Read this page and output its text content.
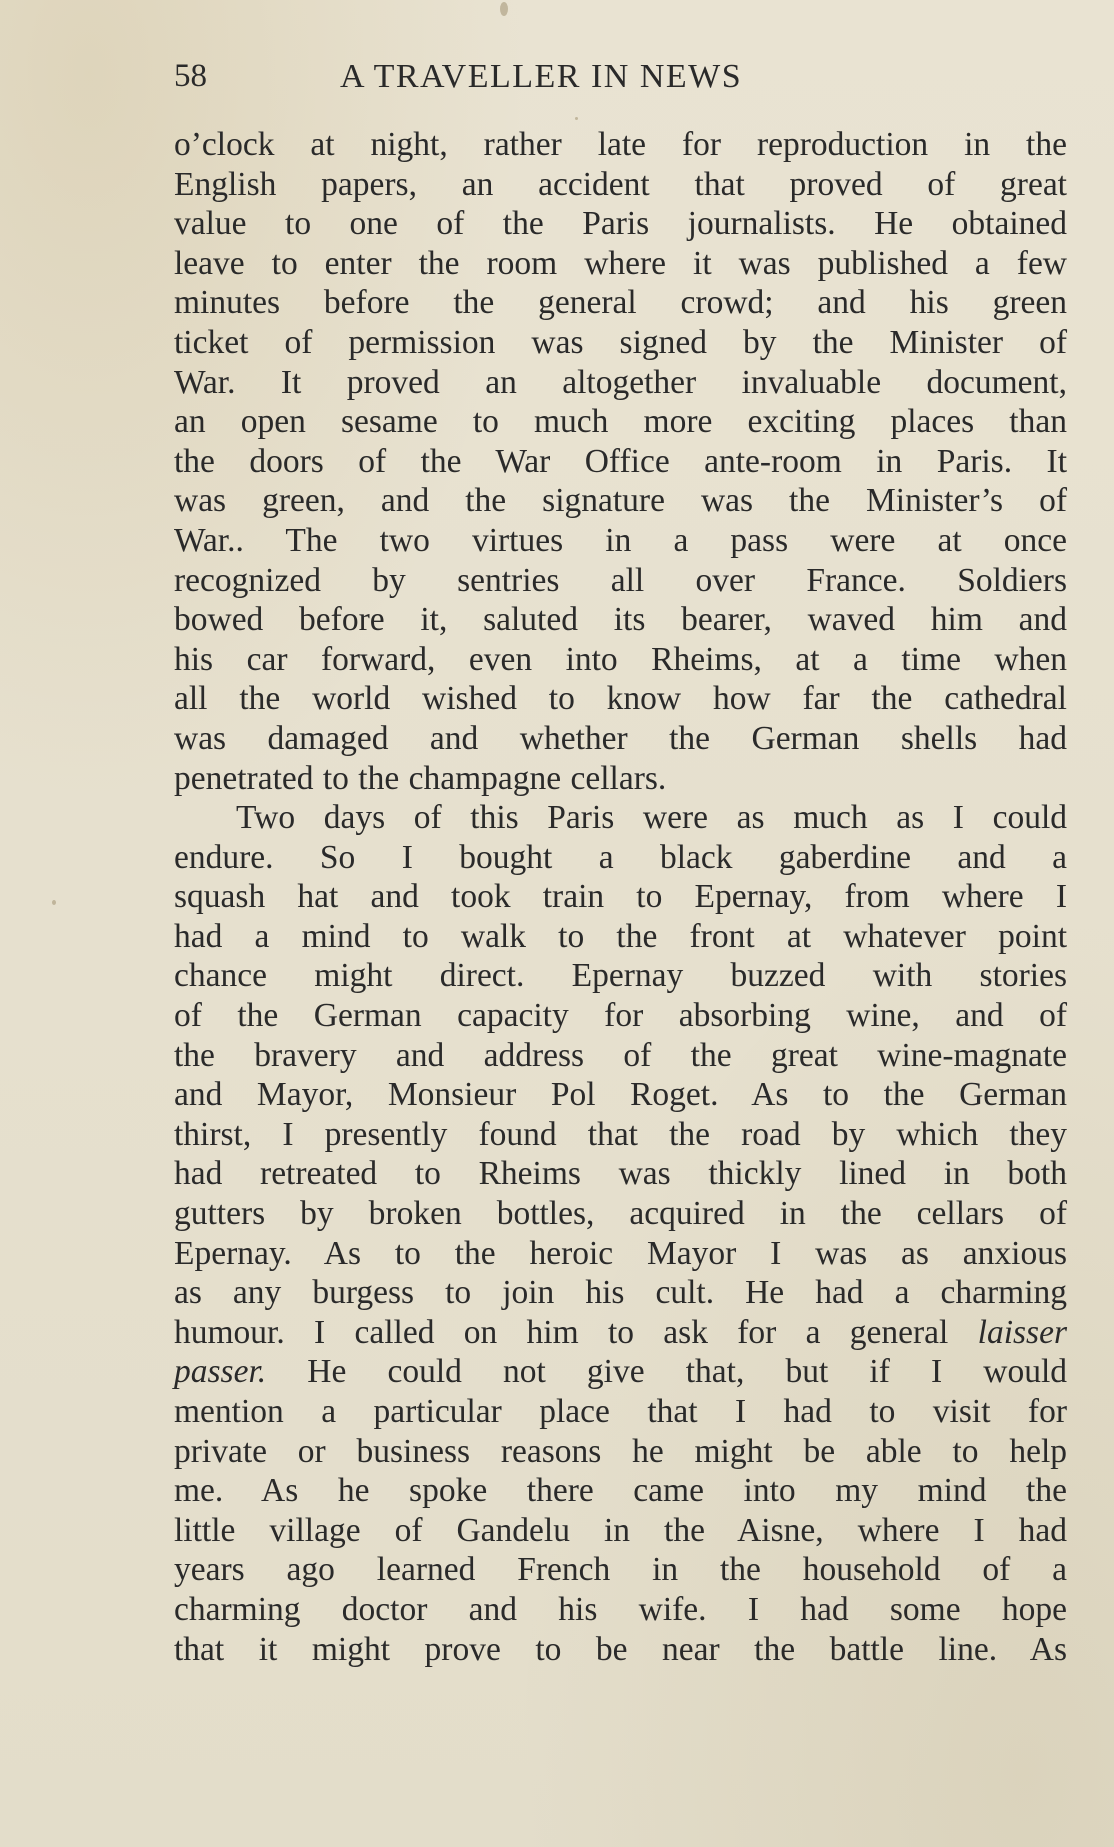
58	A TRAVELLER IN NEWS
o’clock at night, rather late for reproduction in the
English papers, an accident that proved of great
value to one of the Paris journalists. He obtained
leave to enter the room where it was published a few
minutes before the general crowd; and his green
ticket of permission was signed by the Minister of
War. It proved an altogether invaluable document,
an open sesame to much more exciting places than
the doors of the War Office ante-room in Paris. It
was green, and the signature was the Minister’s of
War.. The two virtues in a pass were at once
recognized by sentries all over France. Soldiers
bowed before it, saluted its bearer, waved him and
his car forward, even into Rheims, at a time when
all the world wished to know how far the cathedral
was damaged and whether the German shells had
penetrated to the champagne cellars.
Two days of this Paris were as much as I could
endure. So I bought a black gaberdine and a
squash hat and took train to Epernay, from where I
had a mind to walk to the front at whatever point
chance might direct. Epernay buzzed with stories
of the German capacity for absorbing wine, and of
the bravery and address of the great wine-magnate
and Mayor, Monsieur Pol Roget. As to the German
thirst, I presently found that the road by which they
had retreated to Rheims was thickly lined in both
gutters by broken bottles, acquired in the cellars of
Epernay. As to the heroic Mayor I was as anxious
as any burgess to join his cult. He had a charming
humour. I called on him to ask for a general laisser
passer. He could not give that, but if I would
mention a particular place that I had to visit for
private or business reasons he might be able to help
me. As he spoke there came into my mind the
little village of Gandelu in the Aisne, where I had
years ago learned French in the household of a
charming doctor and his wife. I had some hope
that it might prove to be near the battle line. As
